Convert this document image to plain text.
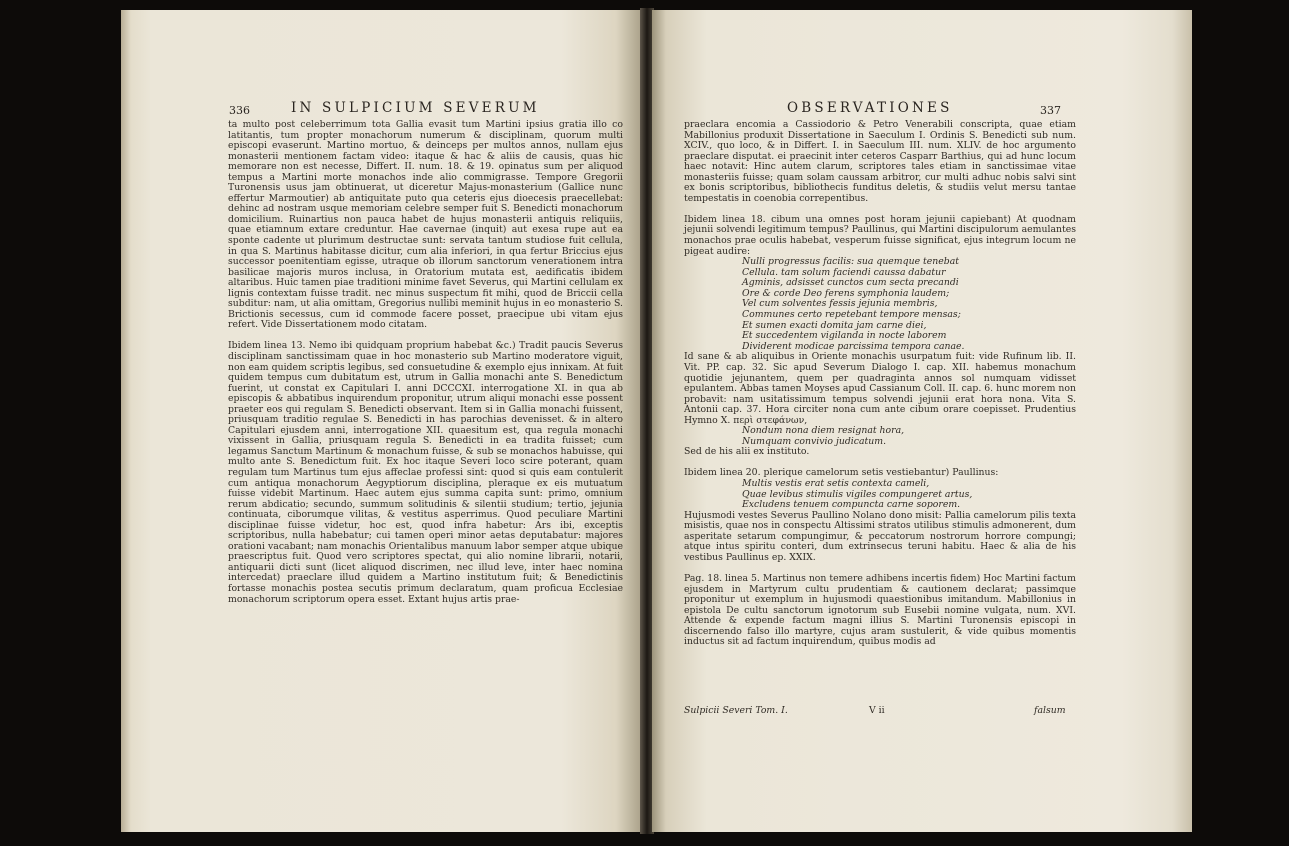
336	IN SULPICIUM SEVERUM

ta multo post celeberrimum tota Gallia evasit tum Martini ipsius gratia illo co latitantis, tum propter monachorum numerum & disciplinam, quorum multi episcopi evaserunt. Martino mortuo, & deinceps per multos annos, nullam ejus monasterii mentionem factam video: itaque & hac & aliis de causis, quas hic memorare non est necesse, Differt. II. num. 18. & 19. opinatus sum per aliquod tempus a Martini morte monachos inde alio commigrasse. Tempore Gregorii Turonensis usus jam obtinuerat, ut diceretur Majus-monasterium (Gallice nunc effertur Marmoutier) ab antiquitate puto qua ceteris ejus dioecesis praecellebat: dehinc ad nostram usque memoriam celebre semper fuit S. Benedicti monachorum domicilium. Ruinartius non pauca habet de hujus monasterii antiquis reliquiis, quae etiamnum extare creduntur. Hae cavernae (inquit) aut exesa rupe aut ea sponte cadente ut plurimum destructae sunt: servata tantum studiose fuit cellula, in qua S. Martinus habitasse dicitur, cum alia inferiori, in qua fertur Briccius ejus successor poenitentiam egisse, utraque ob illorum sanctorum venerationem intra basilicae majoris muros inclusa, in Oratorium mutata est, aedificatis ibidem altaribus. Huic tamen piae traditioni minime favet Severus, qui Martini cellulam ex lignis contextam fuisse tradit. nec minus suspectum fit mihi, quod de Briccii cella subditur: nam, ut alia omittam, Gregorius nullibi meminit hujus in eo monasterio S. Brictionis secessus, cum id commode facere posset, praecipue ubi vitam ejus refert. Vide Dissertationem modo citatam.

Ibidem linea 13. Nemo ibi quidquam proprium habebat &c.) Tradit paucis Severus disciplinam sanctissimam quae in hoc monasterio sub Martino moderatore viguit, non eam quidem scriptis legibus, sed consuetudine & exemplo ejus innixam. At fuit quidem tempus cum dubitatum est, utrum in Gallia monachi ante S. Benedictum fuerint, ut constat ex Capitulari I. anni DCCCXI. interrogatione XI. in qua ab episcopis & abbatibus inquirendum proponitur, utrum aliqui monachi esse possent praeter eos qui regulam S. Benedicti observant. Item si in Gallia monachi fuissent, priusquam traditio regulae S. Benedicti in has parochias devenisset. & in altero Capitulari ejusdem anni, interrogatione XII. quaesitum est, qua regula monachi vixissent in Gallia, priusquam regula S. Benedicti in ea tradita fuisset; cum legamus Sanctum Martinum & monachum fuisse, & sub se monachos habuisse, qui multo ante S. Benedictum fuit. Ex hoc itaque Severi loco scire poterant, quam regulam tum Martinus tum ejus affeclae professi sint: quod si quis eam contulerit cum antiqua monachorum Aegyptiorum disciplina, pleraque ex eis mutuatum fuisse videbit Martinum. Haec autem ejus summa capita sunt: primo, omnium rerum abdicatio; secundo, summum solitudinis & silentii studium; tertio, jejunia continuata, ciborumque vilitas, & vestitus asperrimus. Quod peculiare Martini disciplinae fuisse videtur, hoc est, quod infra habetur: Ars ibi, exceptis scriptoribus, nulla habebatur; cui tamen operi minor aetas deputabatur: majores orationi vacabant; nam monachis Orientalibus manuum labor semper atque ubique praescriptus fuit. Quod vero scriptores spectat, qui alio nomine librarii, notarii, antiquarii dicti sunt (licet aliquod discrimen, nec illud leve, inter haec nomina intercedat) praeclare illud quidem a Martino institutum fuit; & Benedictinis fortasse monachis postea secutis primum declaratum, quam proficua Ecclesiae monachorum scriptorum opera esset. Extant hujus artis prae-

OBSERVATIONES	337

praeclara encomia a Cassiodorio & Petro Venerabili conscripta, quae etiam Mabillonius produxit Dissertatione in Saeculum I. Ordinis S. Benedicti sub num. XCIV., quo loco, & in Differt. I. in Saeculum III. num. XLIV. de hoc argumento praeclare disputat. ei praecinit inter ceteros Casparr Barthius, qui ad hunc locum haec notavit: Hinc autem clarum, scriptores tales etiam in sanctissimae vitae monasteriis fuisse; quam solam caussam arbitror, cur multi adhuc nobis salvi sint ex bonis scriptoribus, bibliothecis funditus deletis, & studiis velut mersu tantae tempestatis in coenobia correpentibus.

Ibidem linea 18. cibum una omnes post horam jejunii capiebant) At quodnam jejunii solvendi legitimum tempus? Paullinus, qui Martini discipulorum aemulantes monachos prae oculis habebat, vesperum fuisse significat, ejus integrum locum ne pigeat audire:

Nulli progressus facilis: sua quemque tenebat
Cellula. tam solum faciendi caussa dabatur
Agminis, adsisset cunctos cum secta precandi
Ore & corde Deo ferens symphonia laudem;
Vel cum solventes fessis jejunia membris,
Communes certo repetebant tempore mensas;
Et sumen exacti domita jam carne diei,
Et succedentem vigilanda in nocte laborem
Dividerent modicae parcissima tempora canae.

Id sane & ab aliquibus in Oriente monachis usurpatum fuit: vide Rufinum lib. II. Vit. PP. cap. 32. Sic apud Severum Dialogo I. cap. XII. habemus monachum quotidie jejunantem, quem per quadraginta annos sol numquam vidisset epulantem. Abbas tamen Moyses apud Cassianum Coll. II. cap. 6. hunc morem non probavit: nam usitatissimum tempus solvendi jejunii erat hora nona. Vita S. Antonii cap. 37. Hora circiter nona cum ante cibum orare coepisset. Prudentius Hymno X. περὶ στεφάνων,

Nondum nona diem resignat hora,
Numquam convivio judicatum.

Sed de his alii ex instituto.

Ibidem linea 20. plerique camelorum setis vestiebantur) Paullinus:

Multis vestis erat setis contexta cameli,
Quae levibus stimulis vigiles compungeret artus,
Excludens tenuem compuncta carne soporem.

Hujusmodi vestes Severus Paullino Nolano dono misit: Pallia camelorum pilis texta misistis, quae nos in conspectu Altissimi stratos utilibus stimulis admonerent, dum asperitate setarum compungimur, & peccatorum nostrorum horrore compungi; atque intus spiritu conteri, dum extrinsecus teruni habitu. Haec & alia de his vestibus Paullinus ep. XXIX.

Pag. 18. linea 5. Martinus non temere adhibens incertis fidem) Hoc Martini factum ejusdem in Martyrum cultu prudentiam & cautionem declarat; passimque proponitur ut exemplum in hujusmodi quaestionibus imitandum. Mabillonius in epistola De cultu sanctorum ignotorum sub Eusebii nomine vulgata, num. XVI. Attende & expende factum magni illius S. Martini Turonensis episcopi in discernendo falso illo martyre, cujus aram sustulerit, & vide quibus momentis inductus sit ad factum inquirendum, quibus modis ad

Sulpicii Severi Tom. I.	V ii	falsum
